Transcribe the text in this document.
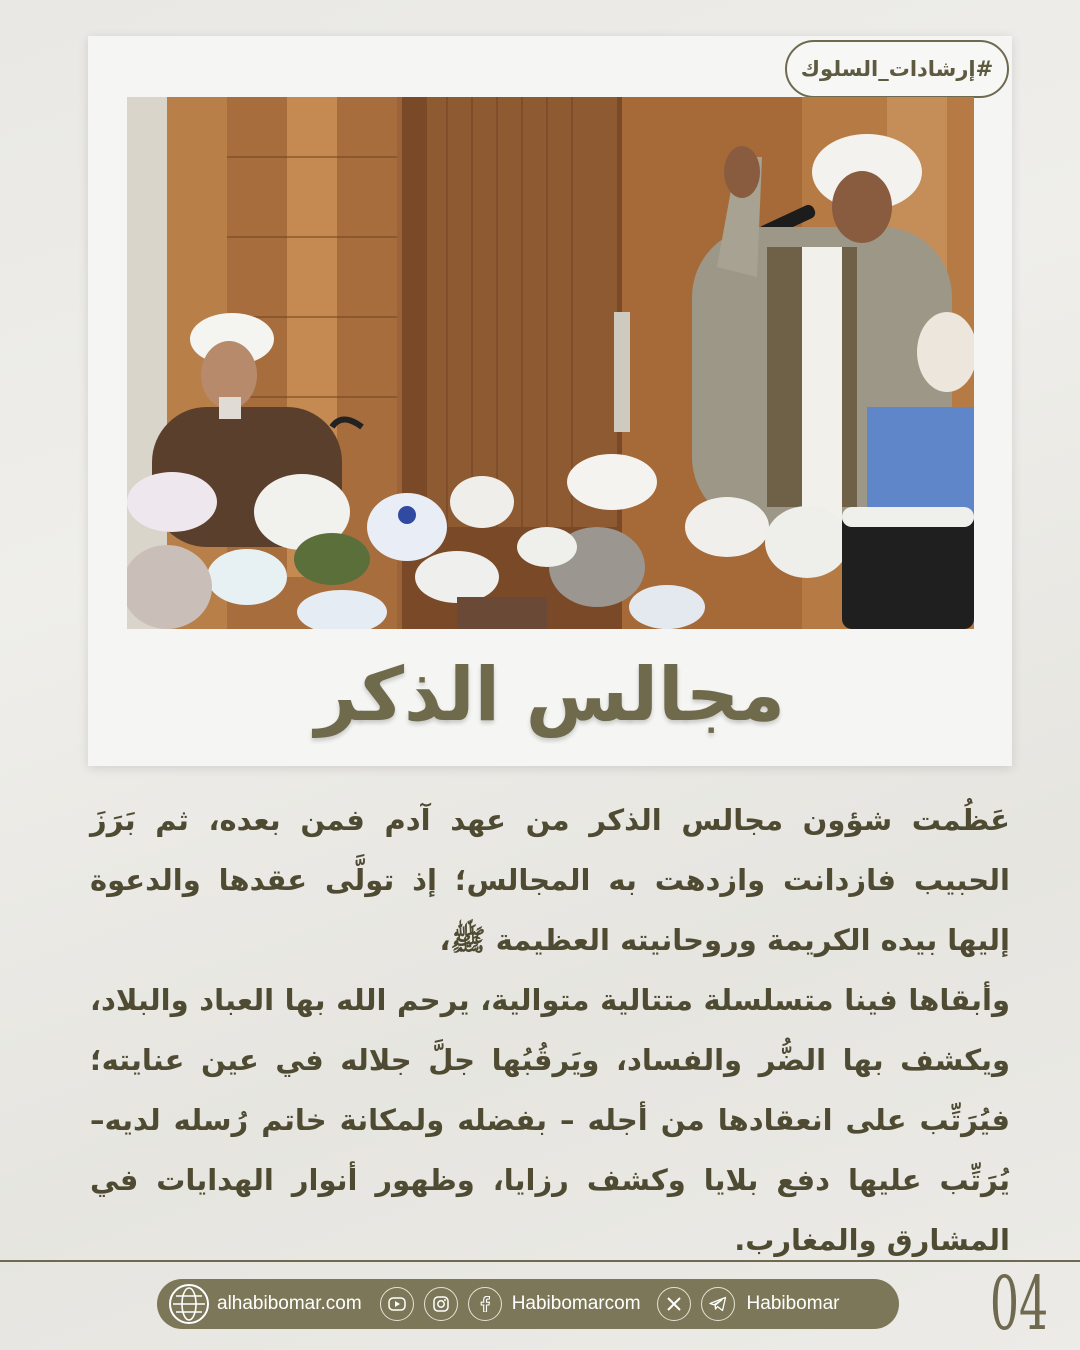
#إرشادات_السلوك
مجالس الذكر

عَظُمت شؤون مجالس الذكر من عهد آدم فمن بعده، ثم بَرَزَ الحبيب فازدانت وازدهت به المجالس؛ إذ تولَّى عقدها والدعوة إليها بيده الكريمة وروحانيته العظيمة ﷺ،

وأبقاها فينا متسلسلة متتالية متوالية، يرحم الله بها العباد والبلاد، ويكشف بها الضُّر والفساد، ويَرقُبُها جلَّ جلاله في عين عنايته؛ فيُرَتِّب على انعقادها من أجله – بفضله ولمكانة خاتم رُسله لديه– يُرَتِّب عليها دفع بلايا وكشف رزايا، وظهور أنوار الهدايات في المشارق والمغارب.

alhabibomar.com	Habibomarcom	Habibomar 04
